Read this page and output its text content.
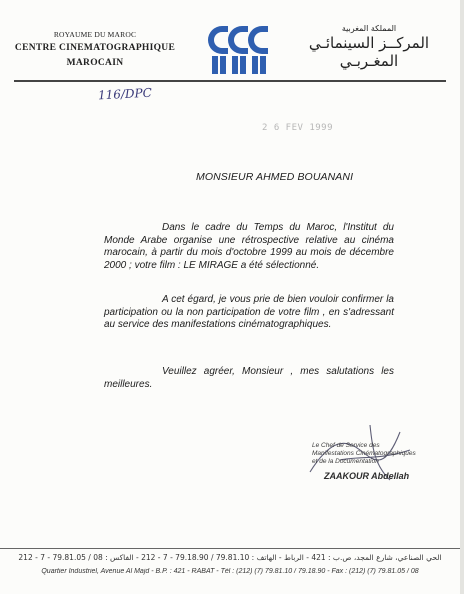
ROYAUME DU MAROC
CENTRE CINEMATOGRAPHIQUE
MAROCAIN
المملكة المغربية
المركــز السينمائـي
المغـربـي
116/DPC
2 6 FEV 1999
MONSIEUR AHMED BOUANANI
Dans le cadre du Temps du Maroc, l'Institut du Monde Arabe organise une rétrospective relative au cinéma marocain, à partir du mois d'octobre 1999 au mois de décembre 2000 ; votre film : LE MIRAGE a été sélectionné.
A cet égard, je vous prie de bien vouloir confirmer la participation ou la non participation de votre film , en s'adressant au service des manifestations cinématographiques.
Veuillez agréer, Monsieur , mes salutations les meilleures.
Le Chef de Service des
Manifestations Cinématographiques
et de la Documentation
ZAAKOUR Abdellah
الحي الصناعي، شارع المجد، ص.ب : 421 - الرباط - الهاتف : 79.81.10 / 79.18.90 - 7 - 212 - الفاكس : 08 / 79.81.05 - 7 - 212
Quartier Industriel, Avenue Al Majd - B.P. : 421 - RABAT - Tél : (212) (7) 79.81.10 / 79.18.90 - Fax : (212) (7) 79.81.05 / 08
